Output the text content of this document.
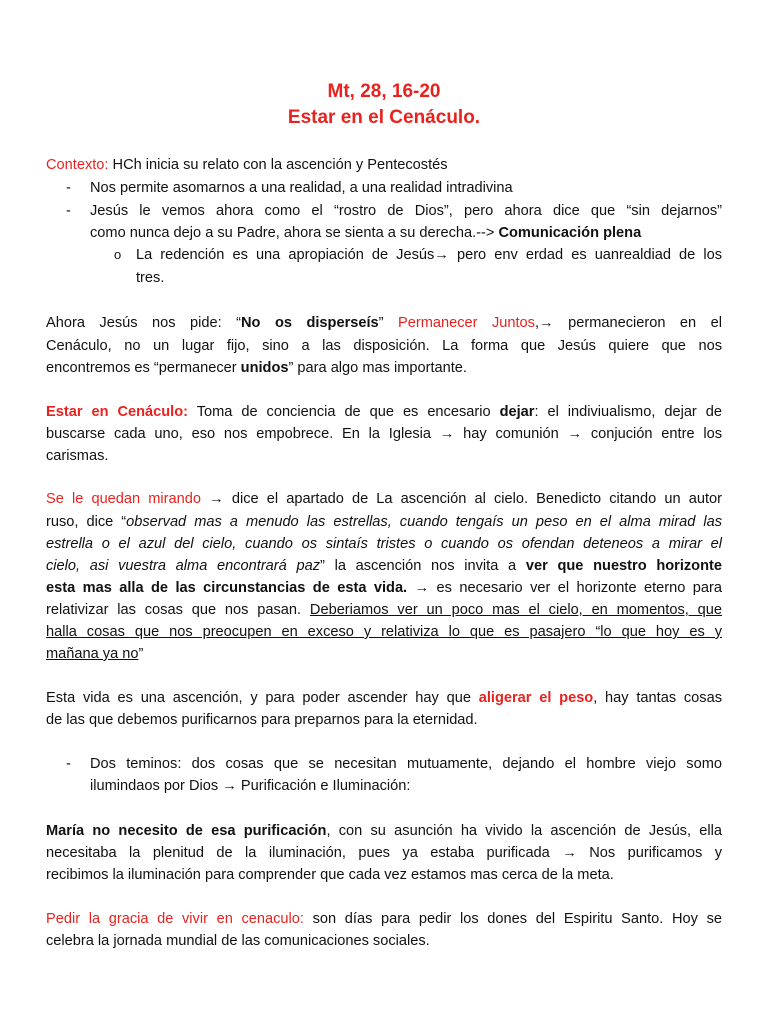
Mt, 28, 16-20
Estar en el Cenáculo.
Contexto: HCh inicia su relato con la ascención y Pentecostés
- Nos permite asomarnos a una realidad, a una realidad intradivina
- Jesús le vemos ahora como el “rostro de Dios”, pero ahora dice que “sin dejarnos”
como nunca dejo a su Padre, ahora se sienta a su derecha.--> Comunicación plena
o La redención es una apropiación de Jesús→ pero env erdad es uanrealdiad de los
tres.
Ahora Jesús nos pide: “No os disperseís” Permanecer Juntos,→ permanecieron en el
Cenáculo, no un lugar fijo, sino a las disposición. La forma que Jesús quiere que nos
encontremos es “permanecer unidos” para algo mas importante.
Estar en Cenáculo: Toma de conciencia de que es encesario dejar: el indiviualismo, dejar de
buscarse cada uno, eso nos empobrece. En la Iglesia → hay comunión → conjución entre los
carismas.
Se le quedan mirando → dice el apartado de La ascención al cielo. Benedicto citando un autor
ruso, dice “observad mas a menudo las estrellas, cuando tengaís un peso en el alma mirad las
estrella o el azul del cielo, cuando os sintaís tristes o cuando os ofendan deteneos a mirar el
cielo, asi vuestra alma encontrará paz” la ascención nos invita a ver que nuestro horizonte
esta mas alla de las circunstancias de esta vida. → es necesario ver el horizonte eterno para
relativizar las cosas que nos pasan. Deberiamos ver un poco mas el cielo, en momentos, que
halla cosas que nos preocupen en exceso y relativiza lo que es pasajero “lo que hoy es y
mañana ya no”
Esta vida es una ascención, y para poder ascender hay que aligerar el peso, hay tantas cosas
de las que debemos purificarnos para preparnos para la eternidad.
- Dos teminos: dos cosas que se necesitan mutuamente, dejando el hombre viejo somo
ilumindaos por Dios → Purificación e Iluminación:
María no necesito de esa purificación, con su asunción ha vivido la ascención de Jesús, ella
necesitaba la plenitud de la iluminación, pues ya estaba purificada → Nos purificamos y
recibimos la iluminación para comprender que cada vez estamos mas cerca de la meta.
Pedir la gracia de vivir en cenaculo: son días para pedir los dones del Espiritu Santo. Hoy se
celebra la jornada mundial de las comunicaciones sociales.
